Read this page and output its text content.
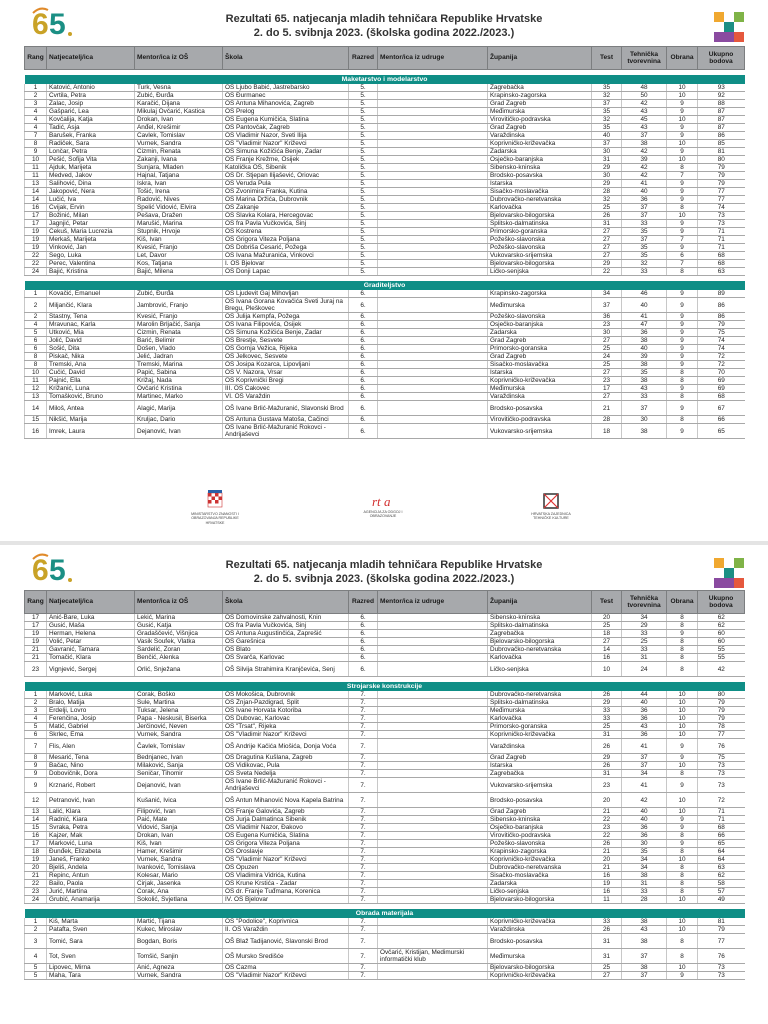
6 5	Rezultati 65. natjecanja mladih tehničara Republike Hrvatske
2. do 5. svibnja 2023. (školska godina 2022./2023.)
Rang	Natjecatelj/ica	Mentor/ica iz OŠ	Škola	Razred	Mentor/ica iz udruge	Županija	Test	Tehnička tvorevnina	Obrana	Ukupno bodova

Maketarstvo i modelarstvo										
1	Katović, Antonio	Turk, Vesna	OŠ Ljubo Babić, Jastrebarsko	5.		Zagrebačka	35	48	10	93
2	Cvrtila, Petra	Zubić, Đurđa	OŠ Đurmanec	5.		Krapinsko-zagorska	32	50	10	92
3	Zalac, Josip	Karačić, Dijana	OŠ Antuna Mihanovića, Zagreb	5.		Grad Zagreb	37	42	9	88
4	Gašparić, Lea	Mikulaj Ovčarić, Kastica	OŠ Prelog	5.		Međimurska	35	43	9	87
4	Kovčalija, Katja	Drokan, Ivan	OŠ Eugena Kumičića, Slatina	5.		Virovitičko-podravska	32	45	10	87
4	Tadić, Asja	Anđel, Krešimir	OŠ Pantovčak, Zagreb	5.		Grad Zagreb	35	43	9	87
7	Barušek, Franka	Čavlek, Tomislav	OŠ Vladimir Nazor, Sveti Ilija	5.		Varaždinska	40	37	9	86
8	Radiček, Sara	Vurnek, Sandra	OŠ "Vladimir Nazor" Križevci	5.		Koprivničko-križevačka	37	38	10	85
9	Lončar, Petra	Cizmin, Renata	OŠ Šimuna Kožičića Benje, Zadar	5.		Zadarska	30	42	9	81
10	Pešić, Sofija Vita	Zakanji, Ivana	OŠ Franje Krežme, Osijek	5.		Osječko-baranjska	31	39	10	80
11	Ajduk, Marijeta	Šunjara, Mladen	Katolička OŠ, Šibenik	5.		Šibensko-kninska	29	42	8	79
11	Medved, Jakov	Hajnal, Tatjana	OŠ Dr. Stjepan Ilijašević, Oriovac	5.		Brodsko-posavska	30	42	7	79
13	Salihović, Dina	Iskra, Ivan	OŠ Veruda Pula	5.		Istarska	29	41	9	79
14	Jakopović, Nera	Tošić, Irena	OŠ Zvonimira Franka, Kutina	5.		Sisačko-moslavačka	28	40	9	77
14	Lučić, Iva	Radović, Nives	OŠ Marina Držića, Dubrovnik	5.		Dubrovačko-neretvanska	32	36	9	77
16	Cvijak, Ervin	Spelić Vidović, Elvira	OŠ Zakanje	5.		Karlovačka	25	37	8	74
17	Božinić, Milan	Pešava, Dražen	OŠ Slavka Kolara, Hercegovac	5.		Bjelovarsko-bilogorska	26	37	10	73
17	Jagnjić, Petar	Marušić, Marina	OŠ fra Pavla Vučkovića, Sinj	5.		Splitsko-dalmatinska	31	33	9	73
19	Čekuš, Maria Lucrezia	Štupnik, Hrvoje	OŠ Kostrena	5.		Primorsko-goranska	27	35	9	71
19	Merkaš, Marijeta	Kiš, Ivan	OŠ Grigora Viteza Poljana	5.		Požeško-slavonska	27	37	7	71
19	Vinković, Jan	Kvesić, Franjo	OŠ Dobriša Cesarić, Požega	5.		Požeško-slavonska	27	35	9	71
22	Šego, Luka	Let, Davor	OŠ Ivana Mažuranića, Vinkovci	5.		Vukovarsko-srijemska	27	35	6	68
22	Perec, Valentina	Kos, Tatjana	I. OŠ Bjelovar	5.		Bjelovarsko-bilogorska	29	32	7	68
24	Bajić, Kristina	Bajić, Milena	OŠ Donji Lapac	5.		Ličko-senjska	22	33	8	63

Graditeljstvo										
1	Kovačić, Emanuel	Zubić, Đurđa	OŠ Ljudevit Gaj Mihovljan	6.		Krapinsko-zagorska	34	46	9	89
2	Miljančić, Klara	Jambrović, Franjo	OŠ Ivana Gorana Kovačića Sveti Juraj na Bregu, Pleškovec	6.		Međimurska	37	40	9	86
2	Stastny, Tena	Kvesić, Franjo	OŠ Julija Kempfa, Požega	6.		Požeško-slavonska	36	41	9	86
4	Mravunac, Karla	Marolin Brljačić, Sanja	OŠ Ivana Filipovića, Osijek	6.		Osječko-baranjska	23	47	9	79
5	Utković, Mia	Cizmin, Renata	OŠ Šimuna Kožičića Benje, Zadar	6.		Zadarska	30	36	9	75
6	Jolić, David	Barić, Belimir	OŠ Brestje, Sesvete	6.		Grad Zagreb	27	38	9	74
6	Šošić, Dita	Došen, Vlado	OŠ Gornja Vežica, Rijeka	6.		Primorsko-goranska	25	40	9	74
8	Piskač, Nika	Jelić, Jadran	OŠ Jelkovec, Sesvete	6.		Grad Zagreb	24	39	9	72
8	Tremski, Ana	Tremski, Marina	OŠ Josipa Kozarca, Lipovljani	6.		Sisačko-moslavačka	25	38	9	72
10	Čučić, David	Papić, Sabina	OŠ V. Nazora, Vrsar	6.		Istarska	27	35	8	70
11	Pajnić, Ella	Križaj, Nada	OŠ Koprivnički Bregi	6.		Koprivničko-križevačka	23	38	8	69
12	Križanić, Luna	Ovčarić Kristina	III. OŠ Čakovec	6.		Međimurska	17	43	9	69
13	Tomašković, Bruno	Martinec, Marko	VI. OŠ Varaždin	6.		Varaždinska	27	33	8	68
14	Miloš, Antea	Alagić, Marija	OŠ Ivane Brlić-Mažuranić, Slavonski Brod	6.		Brodsko-posavska	21	37	9	67
15	Nikšić, Marija	Kruljac, Dario	OŠ Antuna Gustava Matoša, Čačinci	6.		Virovitičko-podravska	28	30	8	66
16	Imrek, Laura	Dejanović, Ivan	OŠ Ivane Brlić-Mažuranić Rokovci - Andrijaševci	6.		Vukovarsko-srijemska	18	38	9	65
MINISTARSTVO ZNANOSTI I OBRAZOVANJA REPUBLIKE HRVATSKE
rt a
AGENCIJA ZA ODGOJ I OBRAZOVANJE
HRVATSKA ZAJEDNICA TEHNIČKE KULTURE
6 5	Rezultati 65. natjecanja mladih tehničara Republike Hrvatske
2. do 5. svibnja 2023. (školska godina 2022./2023.)
Rang	Natjecatelj/ica	Mentor/ica iz OŠ	Škola	Razred	Mentor/ica iz udruge	Županija	Test	Tehnička tvorevnina	Obrana	Ukupno bodova
17	Anić-Bare, Luka	Lekić, Marina	OŠ Domovinske zahvalnosti, Knin	6.		Šibensko-kninska	20	34	8	62
17	Gusić, Maša	Gusić, Katja	OŠ fra Pavla Vučkovića, Sinj	6.		Splitsko-dalmatinska	25	29	8	62
19	Herman, Helena	Gradaščević, Višnjica	OŠ Antuna Augustinčića, Zaprešić	6.		Zagrebačka	18	33	9	60
19	Volić, Petar	Vasik Soufek, Vlatka	OŠ Garešnica	6.		Bjelovarsko-bilogorska	27	25	8	60
21	Gavranić, Tamara	Sardelić, Zoran	OŠ Blato	6.		Dubrovačko-neretvanska	14	33	8	55
21	Tomačić, Klara	Benčić, Alenka	OŠ Švarča, Karlovac	6.		Karlovačka	16	31	8	55
23	Vignjević, Sergej	Orlić, Snježana	OŠ Silvija Strahimira Kranjčevića, Senj	6.		Ličko-senjska	10	24	8	42

Strojarske konstrukcije										
1	Marković, Luka	Čorak, Boško	OŠ Mokošica, Dubrovnik	7.		Dubrovačko-neretvanska	26	44	10	80
2	Bralo, Matija	Šule, Martina	OŠ Žnjan-Pazdigrad, Split	7.		Splitsko-dalmatinska	29	40	10	79
3	Erdelji, Lovro	Tuksar, Jelena	OŠ Ivane Horvata Kotoriba	7.		Međimurska	33	36	10	79
4	Ferenčina, Josip	Papa - Neskusil, Biserka	OŠ Dubovac, Karlovac	7.		Karlovačka	33	36	10	79
5	Matić, Gabriel	Jerčinović, Neven	OŠ "Trsat", Rijeka	7.		Primorsko-goranska	25	43	10	78
6	Skrlec, Ema	Vurnek, Sandra	OŠ "Vladimir Nazor" Križevci	7.		Koprivničko-križevačka	31	36	10	77
7	Flis, Alen	Čavlek, Tomislav	OŠ Andrije Kačića Miošića, Donja Voća	7.		Varaždinska	26	41	9	76
8	Mesarić, Tena	Bednjanec, Ivan	OŠ Dragutina Kušlana, Zagreb	7.		Grad Zagreb	29	37	9	75
9	Bačac, Nino	Milaković, Sanja	OŠ Vidikovac, Pula	7.		Istarska	26	37	10	73
9	Dobovičnik, Dora	Seničar, Tihomir	OŠ Sveta Nedelja	7.		Zagrebačka	31	34	8	73
9	Krznarić, Robert	Dejanović, Ivan	OŠ Ivane Brlić-Mažuranić Rokovci - Andrijaševci	7.		Vukovarsko-srijemska	23	41	9	73
12	Petranović, Ivan	Kušanić, Ivica	OŠ Antun Mihanović Nova Kapela Batrina	7.		Brodsko-posavska	20	42	10	72
13	Lalić, Klara	Filipović, Ivan	OŠ Franje Galovića, Zagreb	7.		Grad Zagreb	21	40	10	71
14	Radnić, Kiara	Paić, Mate	OŠ Jurja Dalmatinca Šibenik	7.		Šibensko-kninska	22	40	9	71
15	Svraka, Petra	Vidović, Sanja	OŠ Vladimir Nazor, Đakovo	7.		Osječko-baranjska	23	36	9	68
16	Kajzer, Mak	Drokan, Ivan	OŠ Eugena Kumičića, Slatina	7.		Virovitičko-podravska	22	36	8	66
17	Marković, Luna	Kiš, Ivan	OŠ Grigora Viteza Poljana	7.		Požeško-slavonska	26	30	9	65
18	Đunđek, Elizabeta	Hamer, Krešimir	OŠ Oroslavje	7.		Krapinsko-zagorska	21	35	8	64
19	Janeš, Franko	Vurnek, Sandra	OŠ "Vladimir Nazor" Križevci	7.		Koprivničko-križevačka	20	34	10	64
20	Bjeliš, Andela	Ivanković, Tomislava	OŠ Opuzen	7.		Dubrovačko-neretvanska	21	34	8	63
21	Repinc, Antun	Kolesar, Mario	OŠ Vladimira Vidrića, Kutina	7.		Sisačko-moslavačka	16	38	8	62
22	Bailo, Paola	Cirjak, Jasenka	OŠ Krune Krstića - Zadar	7.		Zadarska	19	31	8	58
23	Jurić, Martina	Čorak, Ana	OŠ dr. Franje Tuđmana, Korenica	7.		Ličko-senjska	16	33	8	57
24	Grubić, Anamarija	Sokolić, Svjetlana	IV. OŠ Bjelovar	7.		Bjelovarsko-bilogorska	11	28	10	49

Obrada materijala										
1	Kiš, Marta	Martić, Tijana	OŠ "Podolice", Koprivnica	7.		Koprivničko-križevačka	33	38	10	81
2	Patafta, Sven	Kukec, Miroslav	II. OŠ Varaždin	7.		Varaždinska	26	43	10	79
3	Tomić, Sara	Bogdan, Boris	OŠ Blaž Tadijanović, Slavonski Brod	7.		Brodsko-posavska	31	38	8	77
4	Tot, Sven	Tomšić, Sanjin	OŠ Mursko Središće	7.	Ovčarić, Kristijan, Medimurski informatički klub	Međimurska	31	37	8	76
5	Lipovec, Mirna	Anić, Agneza	OŠ Čazma	7.		Bjelovarsko-bilogorska	25	38	10	73
5	Maha, Tara	Vurnek, Sandra	OŠ "Vladimir Nazor" Križevci	7.		Koprivničko-križevačka	27	37	9	73
